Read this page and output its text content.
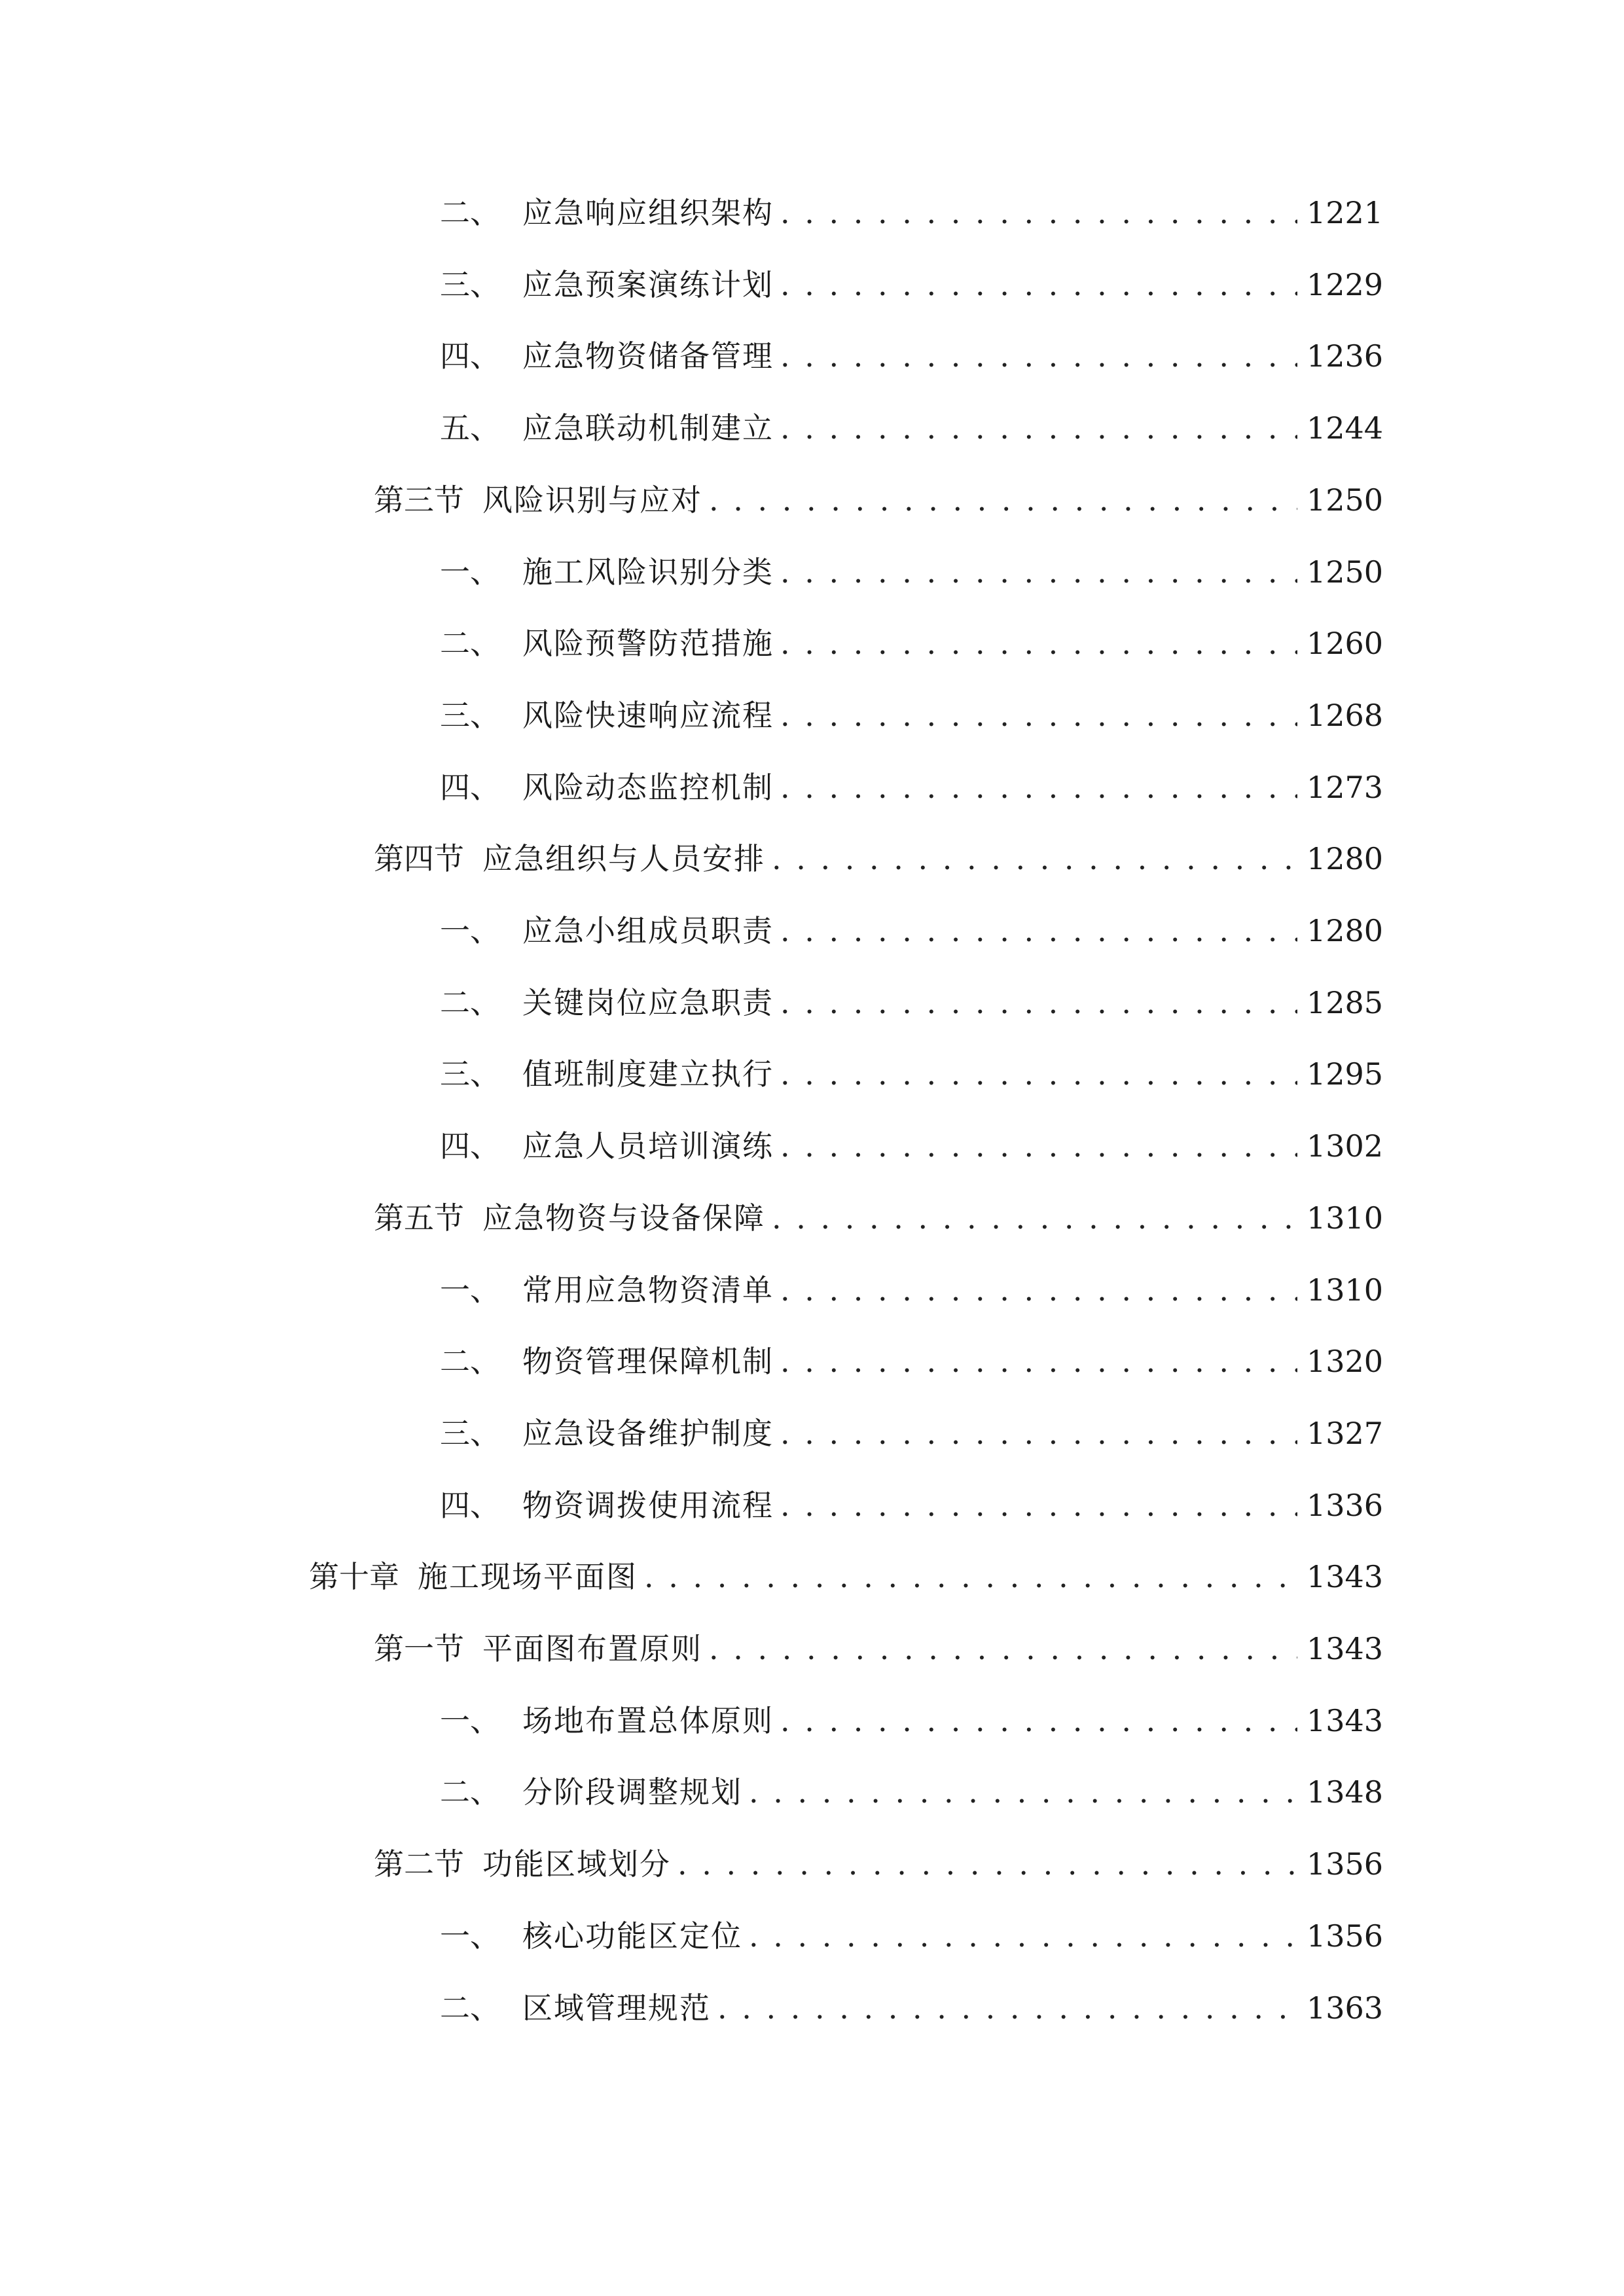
二、 应急响应组织架构 . . .	1221
三、 应急预案演练计划 . . .	1229
四、 应急物资储备管理 . . .	1236
五、 应急联动机制建立 . . .	1244
第三节 风险识别与应对 . . .	1250
一、 施工风险识别分类 . . .	1250
二、 风险预警防范措施 . . .	1260
三、 风险快速响应流程 . . .	1268
四、 风险动态监控机制 . . .	1273
第四节 应急组织与人员安排 . . .	1280
一、 应急小组成员职责 . . .	1280
二、 关键岗位应急职责 . . .	1285
三、 值班制度建立执行 . . .	1295
四、 应急人员培训演练 . . .	1302
第五节 应急物资与设备保障 . . .	1310
一、 常用应急物资清单 . . .	1310
二、 物资管理保障机制 . . .	1320
三、 应急设备维护制度 . . .	1327
四、 物资调拨使用流程 . . .	1336
第十章 施工现场平面图 . . .	1343
第一节 平面图布置原则 . . .	1343
一、 场地布置总体原则 . . .	1343
二、 分阶段调整规划 . . .	1348
第二节 功能区域划分 . . .	1356
一、 核心功能区定位 . . .	1356
二、 区域管理规范 . . .	1363
